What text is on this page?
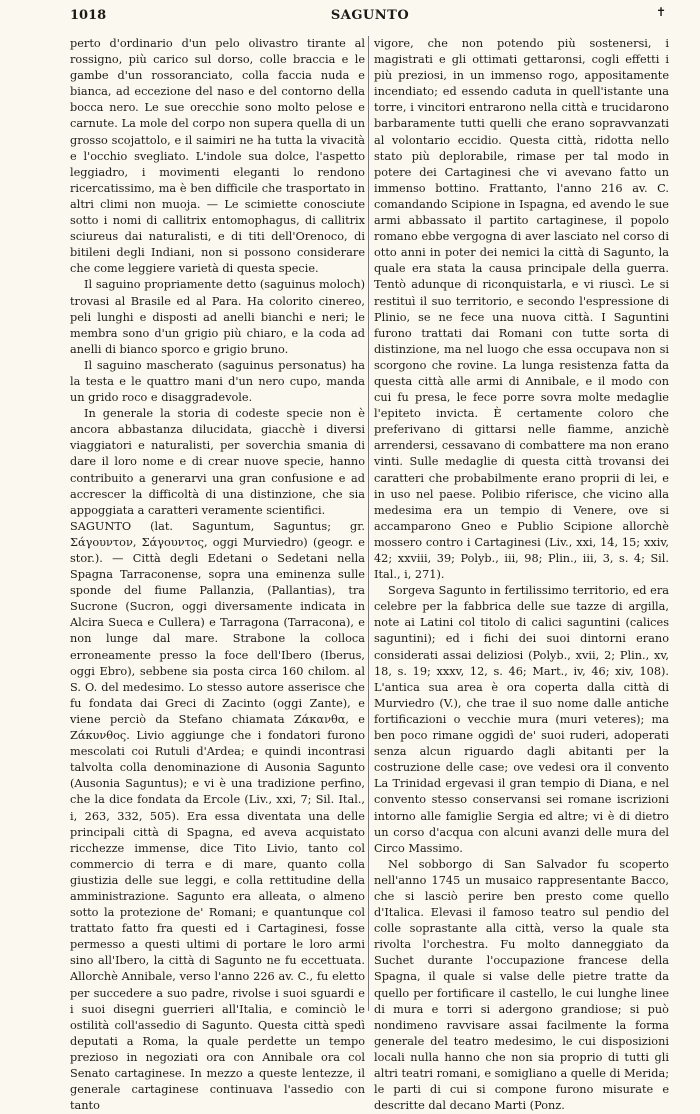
1018	SAGUNTO	✝

perto d'ordinario d'un pelo olivastro tirante al rossigno, più carico sul dorso, colle braccia e le gambe d'un rossoranciato, colla faccia nuda e bianca, ad eccezione del naso e del contorno della bocca nero. Le sue orecchie sono molto pelose e carnute. La mole del corpo non supera quella di un grosso scojattolo, e il saimiri ne ha tutta la vivacità e l'occhio svegliato. L'indole sua dolce, l'aspetto leggiadro, i movimenti eleganti lo rendono ricercatissimo, ma è ben difficile che trasportato in altri climi non muoja. — Le scimiette conosciute sotto i nomi di callitrix entomophagus, di callitrix sciureus dai naturalisti, e di titi dell'Orenoco, di bitileni degli Indiani, non si possono considerare che come leggiere varietà di questa specie.

Il saguino propriamente detto (saguinus moloch) trovasi al Brasile ed al Para. Ha colorito cinereo, peli lunghi e disposti ad anelli bianchi e neri; le membra sono d'un grigio più chiaro, e la coda ad anelli di bianco sporco e grigio bruno.

Il saguino mascherato (saguinus personatus) ha la testa e le quattro mani d'un nero cupo, manda un grido roco e disaggradevole.

In generale la storia di codeste specie non è ancora abbastanza dilucidata, giacchè i diversi viaggiatori e naturalisti, per soverchia smania di dare il loro nome e di crear nuove specie, hanno contribuito a generarvi una gran confusione e ad accrescer la difficoltà di una distinzione, che sia appoggiata a caratteri veramente scientifici.

SAGUNTO (lat. Saguntum, Saguntus; gr. Σάγουντον, Σάγουντος, oggi Murviedro) (geogr. e stor.). — Città degli Edetani o Sedetani nella Spagna Tarraconense, sopra una eminenza sulle sponde del fiume Pallanzia, (Pallantias), tra Sucrone (Sucron, oggi diversamente indicata in Alcira Sueca e Cullera) e Tarragona (Tarracona), e non lunge dal mare. Strabone la colloca erroneamente presso la foce dell'Ibero (Iberus, oggi Ebro), sebbene sia posta circa 160 chilom. al S. O. del medesimo. Lo stesso autore asserisce che fu fondata dai Greci di Zacinto (oggi Zante), e viene perciò da Stefano chiamata Ζάκανθα, e Ζάκυνθος. Livio aggiunge che i fondatori furono mescolati coi Rutuli d'Ardea; e quindi incontrasi talvolta colla denominazione di Ausonia Sagunto (Ausonia Saguntus); e vi è una tradizione perfino, che la dice fondata da Ercole (Liv., xxi, 7; Sil. Ital., i, 263, 332, 505). Era essa diventata una delle principali città di Spagna, ed aveva acquistato ricchezze immense, dice Tito Livio, tanto col commercio di terra e di mare, quanto colla giustizia delle sue leggi, e colla rettitudine della amministrazione. Sagunto era alleata, o almeno sotto la protezione de' Romani; e quantunque col trattato fatto fra questi ed i Cartaginesi, fosse permesso a questi ultimi di portare le loro armi sino all'Ibero, la città di Sagunto ne fu eccettuata. Allorchè Annibale, verso l'anno 226 av. C., fu eletto per succedere a suo padre, rivolse i suoi sguardi e i suoi disegni guerrieri all'Italia, e cominciò le ostilità coll'assedio di Sagunto. Questa città spedì deputati a Roma, la quale perdette un tempo prezioso in negoziati ora con Annibale ora col Senato cartaginese. In mezzo a queste lentezze, il generale cartaginese continuava l'assedio con tanto

vigore, che non potendo più sostenersi, i magistrati e gli ottimati gettaronsi, cogli effetti i più preziosi, in un immenso rogo, appositamente incendiato; ed essendo caduta in quell'istante una torre, i vincitori entrarono nella città e trucidarono barbaramente tutti quelli che erano sopravvanzati al volontario eccidio. Questa città, ridotta nello stato più deplorabile, rimase per tal modo in potere dei Cartaginesi che vi avevano fatto un immenso bottino. Frattanto, l'anno 216 av. C. comandando Scipione in Ispagna, ed avendo le sue armi abbassato il partito cartaginese, il popolo romano ebbe vergogna di aver lasciato nel corso di otto anni in poter dei nemici la città di Sagunto, la quale era stata la causa principale della guerra. Tentò adunque di riconquistarla, e vi riuscì. Le si restituì il suo territorio, e secondo l'espressione di Plinio, se ne fece una nuova città. I Saguntini furono trattati dai Romani con tutte sorta di distinzione, ma nel luogo che essa occupava non si scorgono che rovine. La lunga resistenza fatta da questa città alle armi di Annibale, e il modo con cui fu presa, le fece porre sovra molte medaglie l'epiteto invicta. È certamente coloro che preferivano di gittarsi nelle fiamme, anzichè arrendersi, cessavano di combattere ma non erano vinti. Sulle medaglie di questa città trovansi dei caratteri che probabilmente erano proprii di lei, e in uso nel paese. Polibio riferisce, che vicino alla medesima era un tempio di Venere, ove si accamparono Gneo e Publio Scipione allorchè mossero contro i Cartaginesi (Liv., xxi, 14, 15; xxiv, 42; xxviii, 39; Polyb., iii, 98; Plin., iii, 3, s. 4; Sil. Ital., i, 271).

Sorgeva Sagunto in fertilissimo territorio, ed era celebre per la fabbrica delle sue tazze di argilla, note ai Latini col titolo di calici saguntini (calices saguntini); ed i fichi dei suoi dintorni erano considerati assai deliziosi (Polyb., xvii, 2; Plin., xv, 18, s. 19; xxxv, 12, s. 46; Mart., iv, 46; xiv, 108). L'antica sua area è ora coperta dalla città di Murviedro (V.), che trae il suo nome dalle antiche fortificazioni o vecchie mura (muri veteres); ma ben poco rimane oggidì de' suoi ruderi, adoperati senza alcun riguardo dagli abitanti per la costruzione delle case; ove vedesi ora il convento La Trinidad ergevasi il gran tempio di Diana, e nel convento stesso conservansi sei romane iscrizioni intorno alle famiglie Sergia ed altre; vi è di dietro un corso d'acqua con alcuni avanzi delle mura del Circo Massimo.

Nel sobborgo di San Salvador fu scoperto nell'anno 1745 un musaico rappresentante Bacco, che si lasciò perire ben presto come quello d'Italica. Elevasi il famoso teatro sul pendio del colle soprastante alla città, verso la quale sta rivolta l'orchestra. Fu molto danneggiato da Suchet durante l'occupazione francese della Spagna, il quale si valse delle pietre tratte da quello per fortificare il castello, le cui lunghe linee di mura e torri si adergono grandiose; si può nondimeno ravvisare assai facilmente la forma generale del teatro medesimo, le cui disposizioni locali nulla hanno che non sia proprio di tutti gli altri teatri romani, e somigliano a quelle di Merida; le parti di cui si compone furono misurate e descritte dal decano Marti (Ponz.
